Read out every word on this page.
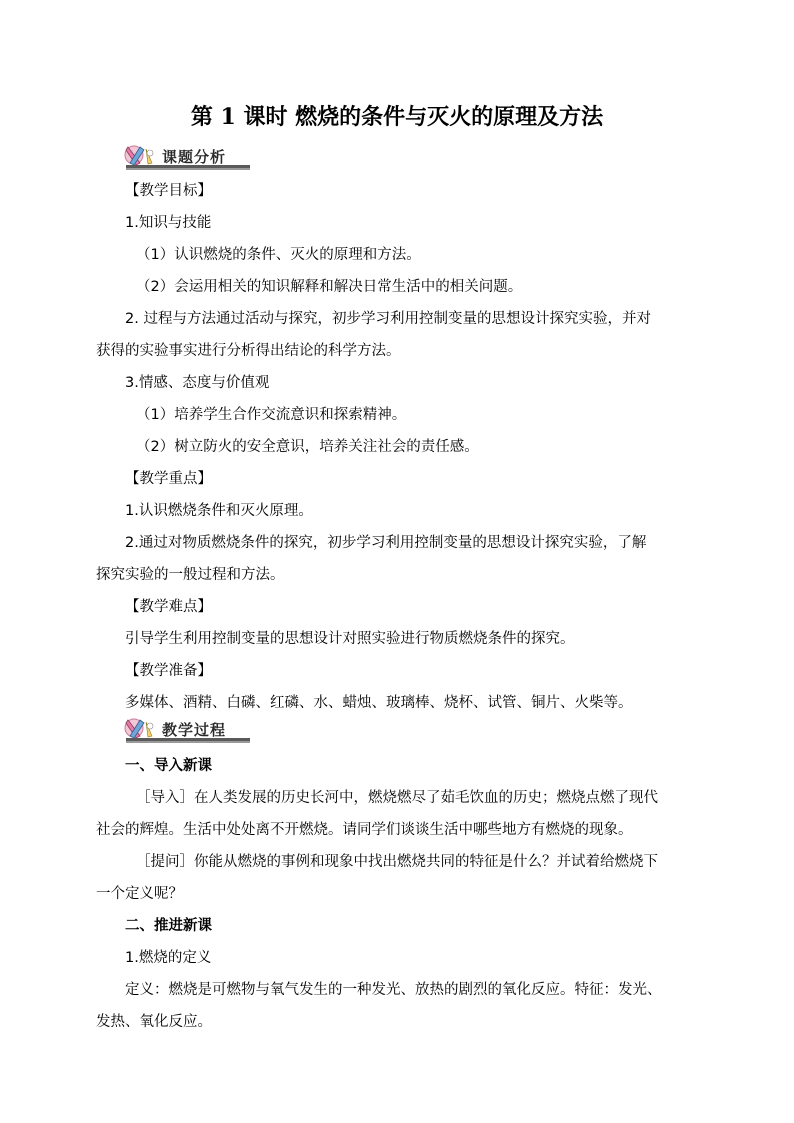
第 1 课时 燃烧的条件与灭火的原理及方法
课题分析
【教学目标】
1.知识与技能
（1）认识燃烧的条件、灭火的原理和方法。
（2）会运用相关的知识解释和解决日常生活中的相关问题。
2. 过程与方法通过活动与探究，初步学习利用控制变量的思想设计探究实验，并对
获得的实验事实进行分析得出结论的科学方法。
3.情感、态度与价值观
（1）培养学生合作交流意识和探索精神。
（2）树立防火的安全意识，培养关注社会的责任感。
【教学重点】
1.认识燃烧条件和灭火原理。
2.通过对物质燃烧条件的探究，初步学习利用控制变量的思想设计探究实验，了解
探究实验的一般过程和方法。
【教学难点】
引导学生利用控制变量的思想设计对照实验进行物质燃烧条件的探究。
【教学准备】
多媒体、酒精、白磷、红磷、水、蜡烛、玻璃棒、烧杯、试管、铜片、火柴等。
教学过程
一、导入新课
［导入］在人类发展的历史长河中，燃烧燃尽了茹毛饮血的历史；燃烧点燃了现代
社会的辉煌。生活中处处离不开燃烧。请同学们谈谈生活中哪些地方有燃烧的现象。
［提问］你能从燃烧的事例和现象中找出燃烧共同的特征是什么？并试着给燃烧下
一个定义呢？
二、推进新课
1.燃烧的定义
定义：燃烧是可燃物与氧气发生的一种发光、放热的剧烈的氧化反应。特征：发光、
发热、氧化反应。
